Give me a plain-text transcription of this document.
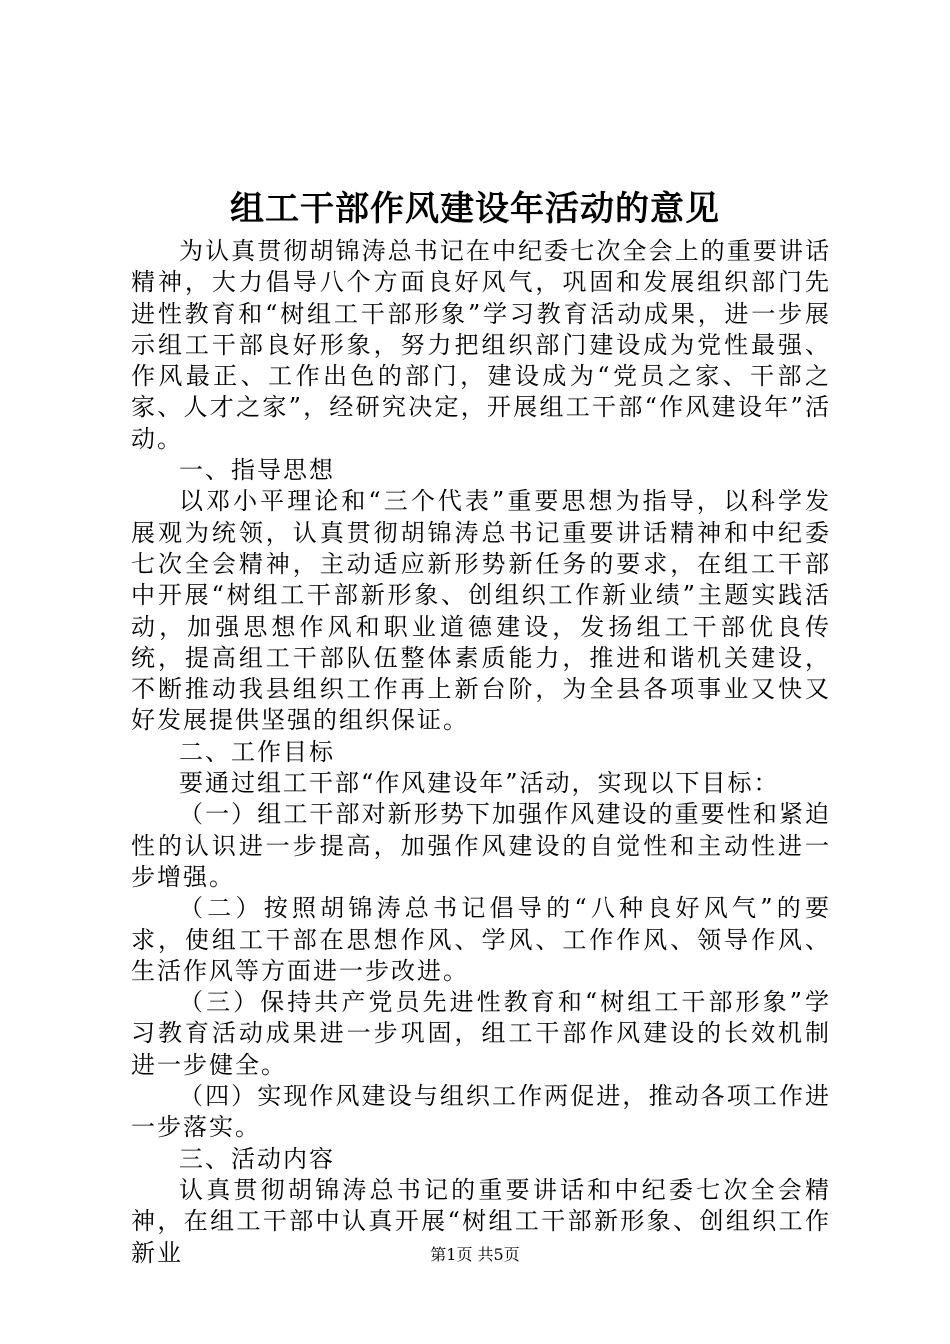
组工干部作风建设年活动的意见

为认真贯彻胡锦涛总书记在中纪委七次全会上的重要讲话精神，大力倡导八个方面良好风气，巩固和发展组织部门先进性教育和“树组工干部形象”学习教育活动成果，进一步展示组工干部良好形象，努力把组织部门建设成为党性最强、作风最正、工作出色的部门，建设成为“党员之家、干部之家、人才之家”，经研究决定，开展组工干部“作风建设年”活动。

一、指导思想

以邓小平理论和“三个代表”重要思想为指导，以科学发展观为统领，认真贯彻胡锦涛总书记重要讲话精神和中纪委七次全会精神，主动适应新形势新任务的要求，在组工干部中开展“树组工干部新形象、创组织工作新业绩”主题实践活动，加强思想作风和职业道德建设，发扬组工干部优良传统，提高组工干部队伍整体素质能力，推进和谐机关建设，不断推动我县组织工作再上新台阶，为全县各项事业又快又好发展提供坚强的组织保证。

二、工作目标

要通过组工干部“作风建设年”活动，实现以下目标：

（一）组工干部对新形势下加强作风建设的重要性和紧迫性的认识进一步提高，加强作风建设的自觉性和主动性进一步增强。

（二）按照胡锦涛总书记倡导的“八种良好风气”的要求，使组工干部在思想作风、学风、工作作风、领导作风、生活作风等方面进一步改进。

（三）保持共产党员先进性教育和“树组工干部形象”学习教育活动成果进一步巩固，组工干部作风建设的长效机制进一步健全。

（四）实现作风建设与组织工作两促进，推动各项工作进一步落实。

三、活动内容

认真贯彻胡锦涛总书记的重要讲话和中纪委七次全会精神，在组工干部中认真开展“树组工干部新形象、创组织工作新业	第1页 共5页
